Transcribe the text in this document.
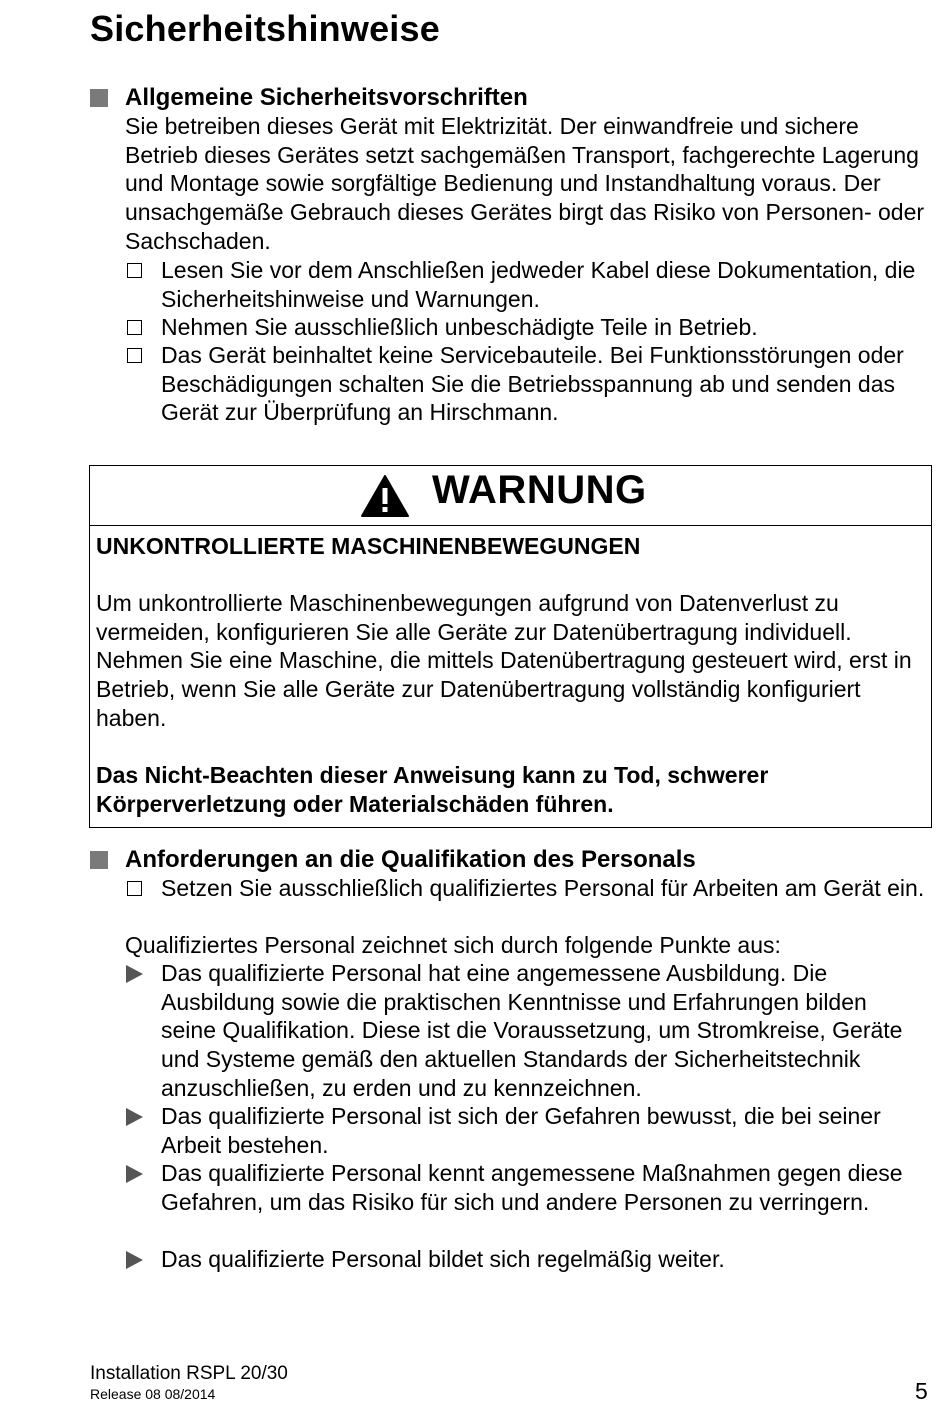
Sicherheitshinweise
Allgemeine Sicherheitsvorschriften

Sie betreiben dieses Gerät mit Elektrizität. Der einwandfreie und sichere Betrieb dieses Gerätes setzt sachgemäßen Transport, fachgerechte Lagerung und Montage sowie sorgfältige Bedienung und Instandhaltung voraus. Der unsachgemäße Gebrauch dieses Gerätes birgt das Risiko von Personen- oder Sachschaden.

Lesen Sie vor dem Anschließen jedweder Kabel diese Dokumentation, die Sicherheitshinweise und Warnungen.
Nehmen Sie ausschließlich unbeschädigte Teile in Betrieb.
Das Gerät beinhaltet keine Servicebauteile. Bei Funktionsstörungen oder Beschädigungen schalten Sie die Betriebsspannung ab und senden das Gerät zur Überprüfung an Hirschmann.

WARNUNG

UNKONTROLLIERTE MASCHINENBEWEGUNGEN

Um unkontrollierte Maschinenbewegungen aufgrund von Datenverlust zu vermeiden, konfigurieren Sie alle Geräte zur Datenübertragung individuell. Nehmen Sie eine Maschine, die mittels Datenübertragung gesteuert wird, erst in Betrieb, wenn Sie alle Geräte zur Datenübertragung vollständig konfiguriert haben.

Das Nicht-Beachten dieser Anweisung kann zu Tod, schwerer Körperverletzung oder Materialschäden führen.

Anforderungen an die Qualifikation des Personals
Setzen Sie ausschließlich qualifiziertes Personal für Arbeiten am Gerät ein.

Qualifiziertes Personal zeichnet sich durch folgende Punkte aus:

Das qualifizierte Personal hat eine angemessene Ausbildung. Die Ausbildung sowie die praktischen Kenntnisse und Erfahrungen bilden seine Qualifikation. Diese ist die Voraussetzung, um Stromkreise, Geräte und Systeme gemäß den aktuellen Standards der Sicherheitstechnik anzuschließen, zu erden und zu kennzeichnen.
Das qualifizierte Personal ist sich der Gefahren bewusst, die bei seiner Arbeit bestehen.
Das qualifizierte Personal kennt angemessene Maßnahmen gegen diese Gefahren, um das Risiko für sich und andere Personen zu verringern.
Das qualifizierte Personal bildet sich regelmäßig weiter.

Installation RSPL 20/30

Release 08 08/2014	5
